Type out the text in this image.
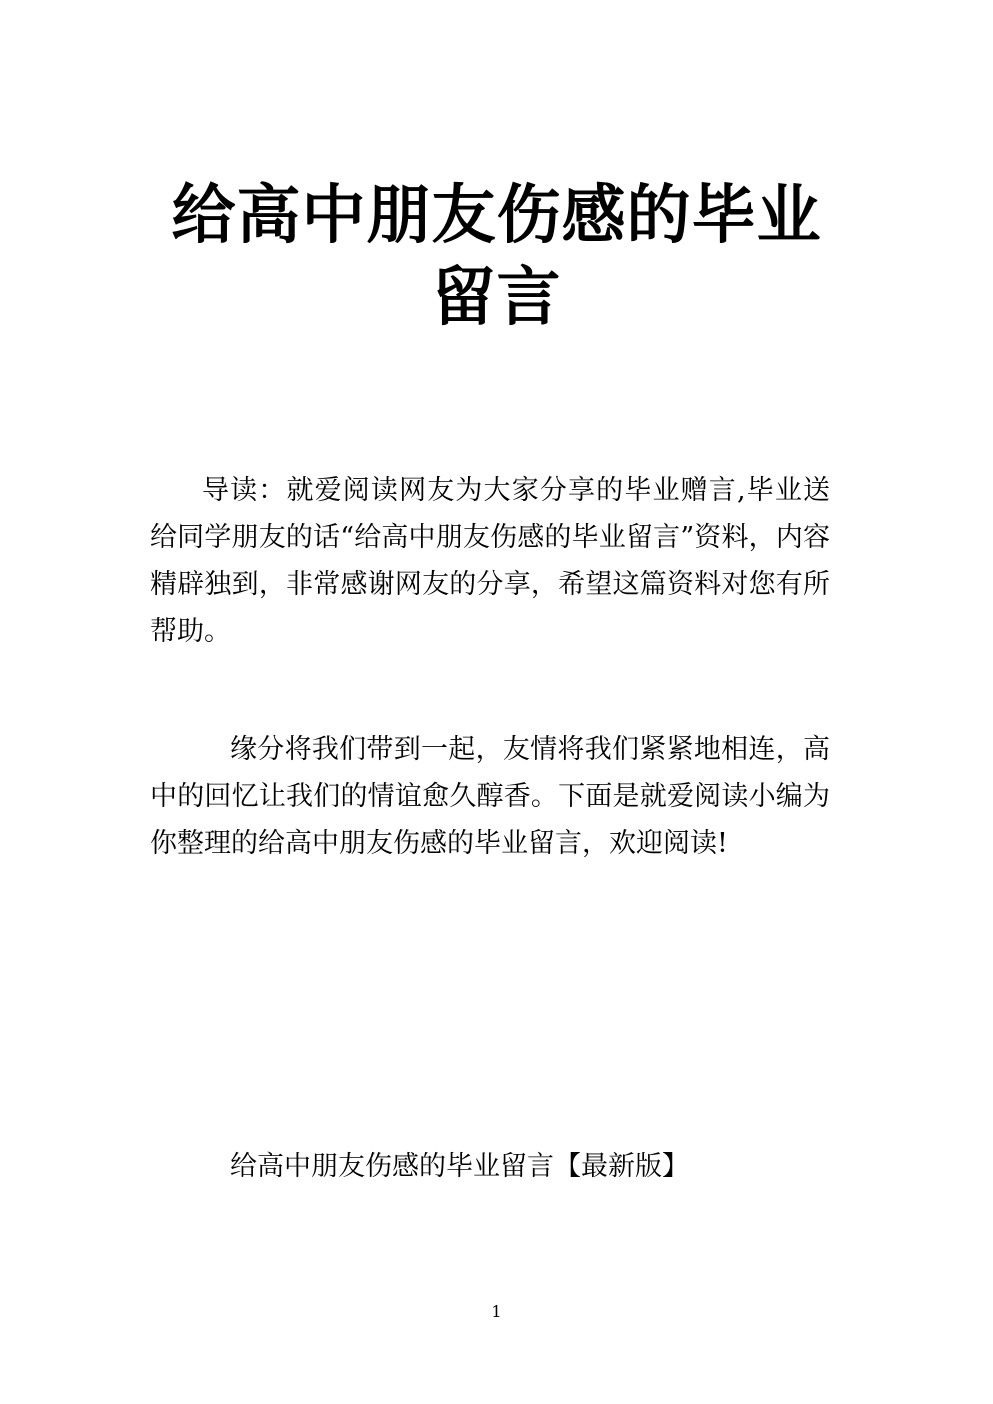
给高中朋友伤感的毕业留言

导读：就爱阅读网友为大家分享的毕业赠言,毕业送给同学朋友的话“给高中朋友伤感的毕业留言”资料，内容精辟独到，非常感谢网友的分享，希望这篇资料对您有所帮助。

缘分将我们带到一起，友情将我们紧紧地相连，高中的回忆让我们的情谊愈久醇香。下面是就爱阅读小编为你整理的给高中朋友伤感的毕业留言，欢迎阅读!

给高中朋友伤感的毕业留言【最新版】

1
